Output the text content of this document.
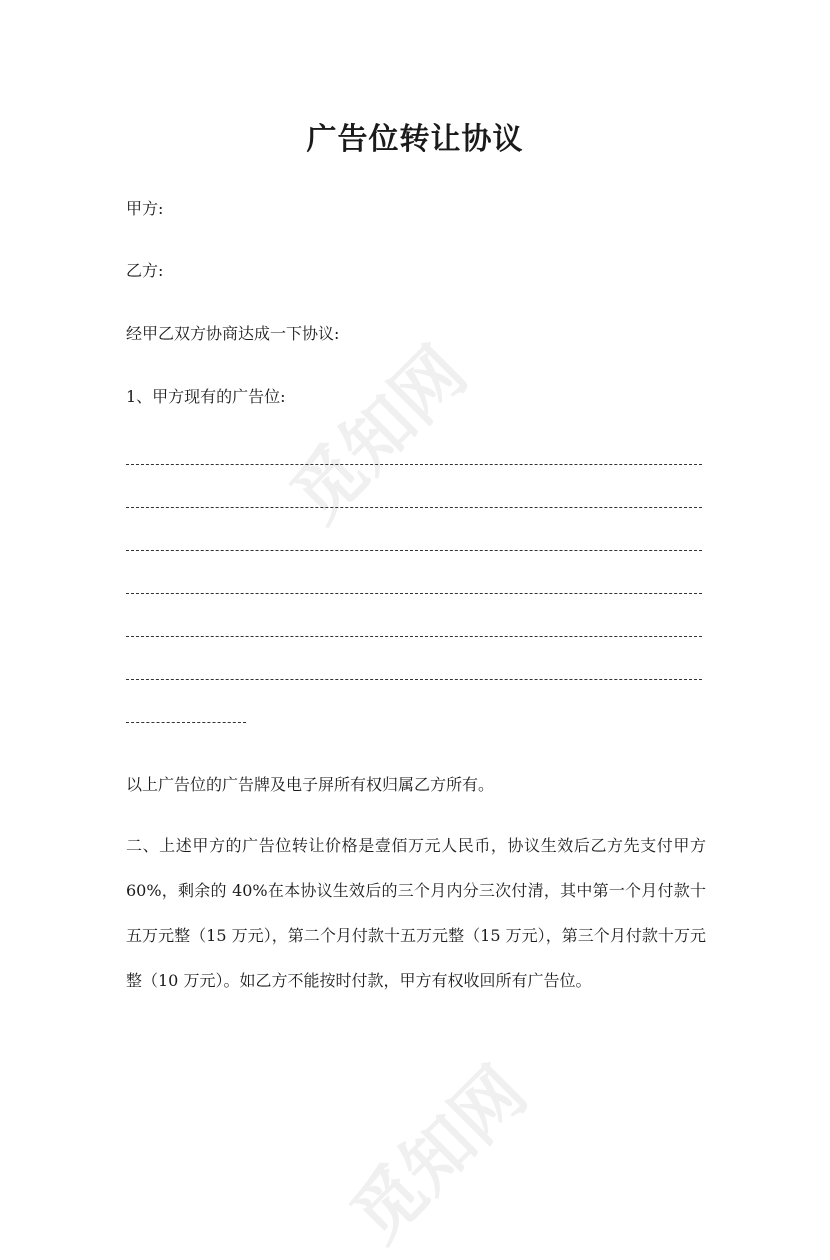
觅知网
觅知网
广告位转让协议

甲方:

乙方:

经甲乙双方协商达成一下协议:

1、甲方现有的广告位:

以上广告位的广告牌及电子屏所有权归属乙方所有。

二、上述甲方的广告位转让价格是壹佰万元人民币，协议生效后乙方先支付甲方60%，剩余的 40%在本协议生效后的三个月内分三次付清，其中第一个月付款十五万元整（15 万元），第二个月付款十五万元整（15 万元），第三个月付款十万元整（10 万元）。如乙方不能按时付款，甲方有权收回所有广告位。
